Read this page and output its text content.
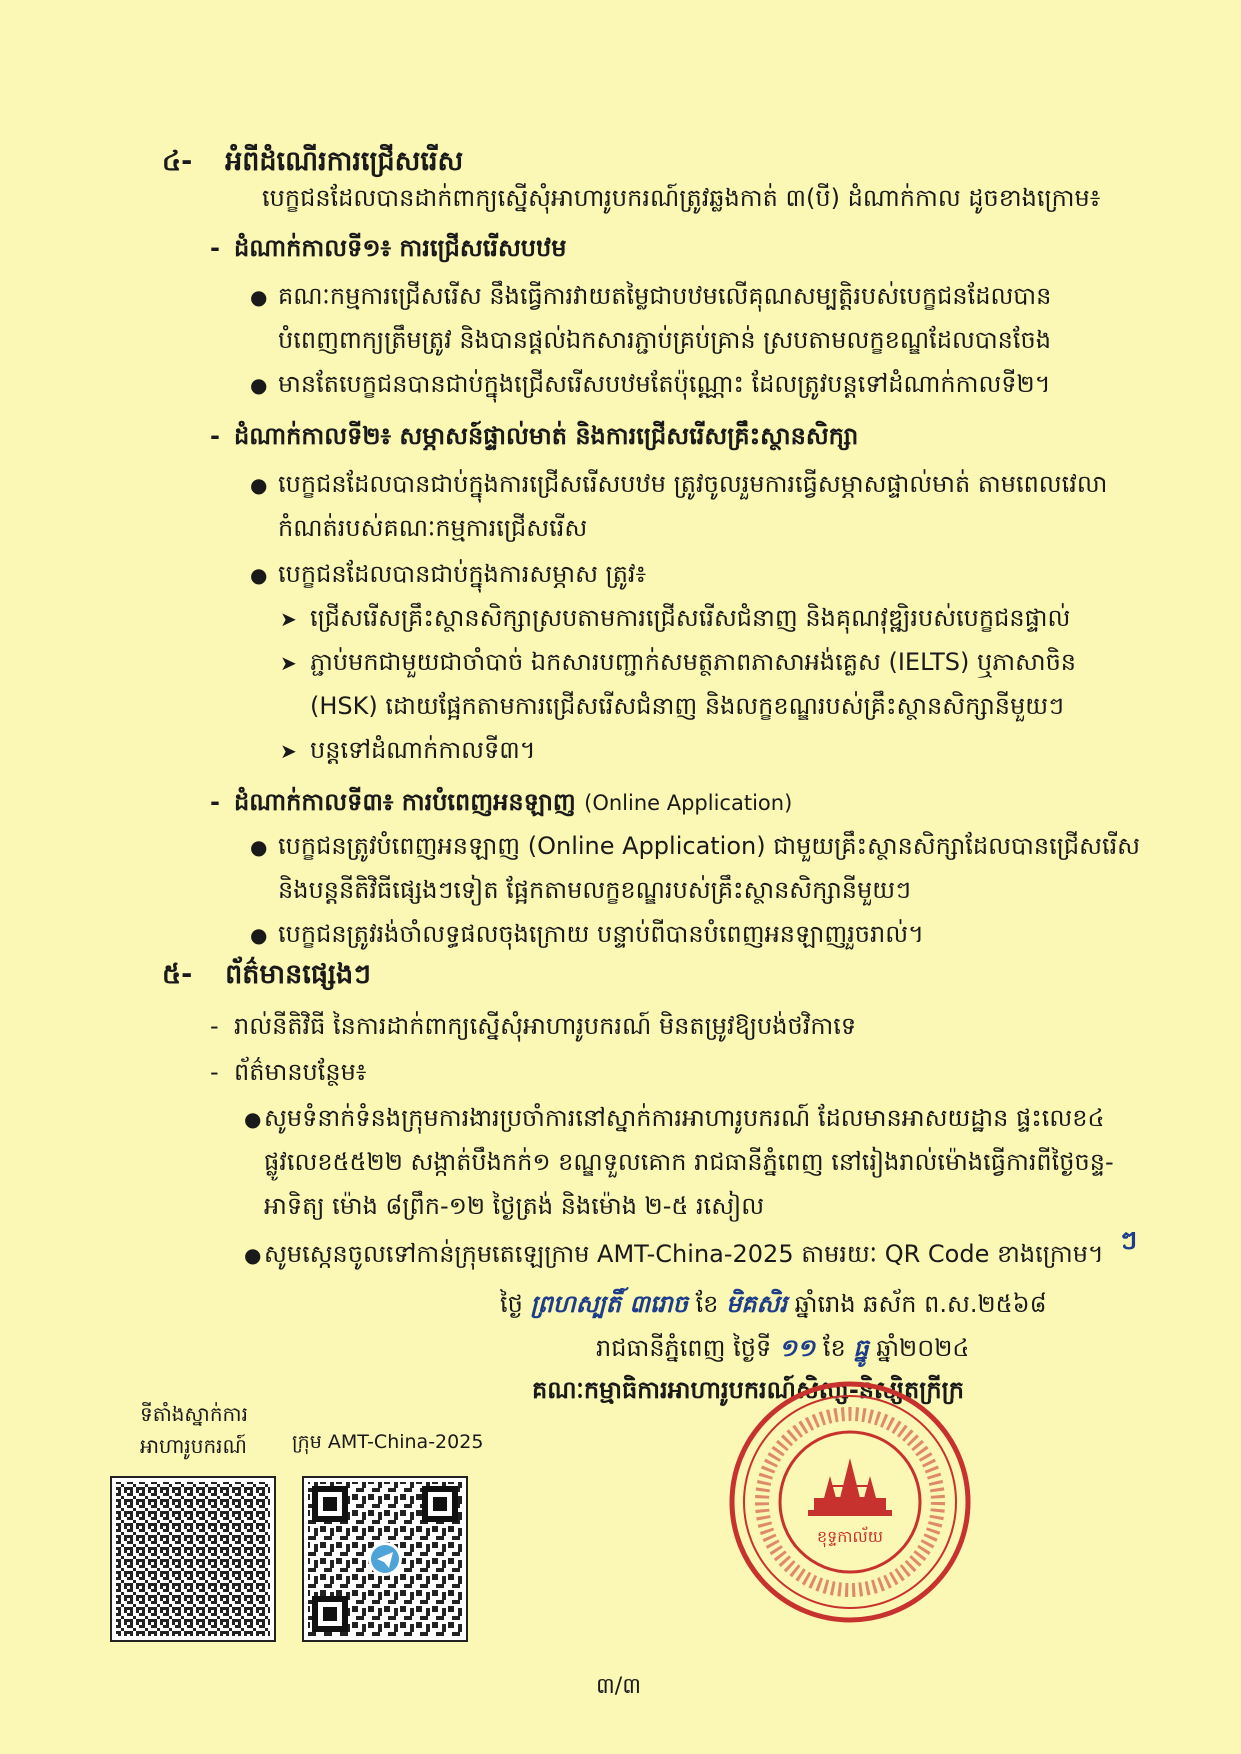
៤- អំពីដំណើរការជ្រើសរើស
បេក្ខជនដែលបានដាក់ពាក្យស្នើសុំអាហារូបករណ៍ត្រូវឆ្លងកាត់ ៣(បី) ដំណាក់កាល ដូចខាងក្រោម៖
- ដំណាក់កាលទី១៖ ការជ្រើសរើសបឋម
● គណៈកម្មការជ្រើសរើស នឹងធ្វើការវាយតម្លៃជាបឋមលើគុណសម្បត្តិរបស់បេក្ខជនដែលបាន
បំពេញពាក្យត្រឹមត្រូវ និងបានផ្តល់ឯកសារភ្ជាប់គ្រប់គ្រាន់ ស្របតាមលក្ខខណ្ឌដែលបានចែង
● មានតែបេក្ខជនបានជាប់ក្នុងជ្រើសរើសបឋមតែប៉ុណ្ណោះ ដែលត្រូវបន្តទៅដំណាក់កាលទី២។
- ដំណាក់កាលទី២៖ សម្ភាសន៍ផ្ទាល់មាត់ និងការជ្រើសរើសគ្រឹះស្ថានសិក្សា
● បេក្ខជនដែលបានជាប់ក្នុងការជ្រើសរើសបឋម ត្រូវចូលរួមការធ្វើសម្ភាសផ្ទាល់មាត់ តាមពេលវេលា
កំណត់របស់គណៈកម្មការជ្រើសរើស
● បេក្ខជនដែលបានជាប់ក្នុងការសម្ភាស ត្រូវ៖
➤ ជ្រើសរើសគ្រឹះស្ថានសិក្សាស្របតាមការជ្រើសរើសជំនាញ និងគុណវុឌ្ឍិរបស់បេក្ខជនផ្ទាល់
➤ ភ្ជាប់មកជាមួយជាចាំបាច់ ឯកសារបញ្ជាក់សមត្ថភាពភាសាអង់គ្លេស (IELTS) ឬភាសាចិន
(HSK) ដោយផ្អែកតាមការជ្រើសរើសជំនាញ និងលក្ខខណ្ឌរបស់គ្រឹះស្ថានសិក្សានីមួយៗ
➤ បន្តទៅដំណាក់កាលទី៣។
- ដំណាក់កាលទី៣៖ ការបំពេញអនឡាញ (Online Application)
● បេក្ខជនត្រូវបំពេញអនឡាញ (Online Application) ជាមួយគ្រឹះស្ថានសិក្សាដែលបានជ្រើសរើស
និងបន្តនីតិវិធីផ្សេងៗទៀត ផ្អែកតាមលក្ខខណ្ឌរបស់គ្រឹះស្ថានសិក្សានីមួយៗ
● បេក្ខជនត្រូវរង់ចាំលទ្ធផលចុងក្រោយ បន្ទាប់ពីបានបំពេញអនឡាញរួចរាល់។
៥- ព័ត៌មានផ្សេងៗ
- រាល់នីតិវិធី នៃការដាក់ពាក្យស្នើសុំអាហារូបករណ៍ មិនតម្រូវឱ្យបង់ថវិកាទេ
- ព័ត៌មានបន្ថែម៖
● សូមទំនាក់ទំនងក្រុមការងារប្រចាំការនៅស្នាក់ការអាហារូបករណ៍ ដែលមានអាសយដ្ឋាន ផ្ទះលេខ៤
ផ្លូវលេខ៥៥២២ សង្កាត់បឹងកក់១ ខណ្ឌទួលគោក រាជធានីភ្នំពេញ នៅរៀងរាល់ម៉ោងធ្វើការពីថ្ងៃចន្ទ-
អាទិត្យ ម៉ោង ៨ព្រឹក-១២ ថ្ងៃត្រង់ និងម៉ោង ២-៥ រសៀល
● សូមស្កេនចូលទៅកាន់ក្រុមតេឡេក្រាម AMT-China-2025 តាមរយៈ QR Code ខាងក្រោម។ ៗ
ថ្ងៃ ព្រហស្បតិ៍ ៣រោច ខែ មិគសិរ ឆ្នាំរោង ឆស័ក ព.ស.២៥៦៨
រាជធានីភ្នំពេញ ថ្ងៃទី ១១ ខែ ធ្នូ ឆ្នាំ២០២៤
គណៈកម្មាធិការអាហារូបករណ៍សិស្ស-និស្សិតក្រីក្រ
ខុទ្ទកាល័យ
ទីតាំងស្នាក់ការ
អាហារូបករណ៍ ក្រុម AMT-China-2025
៣/៣
